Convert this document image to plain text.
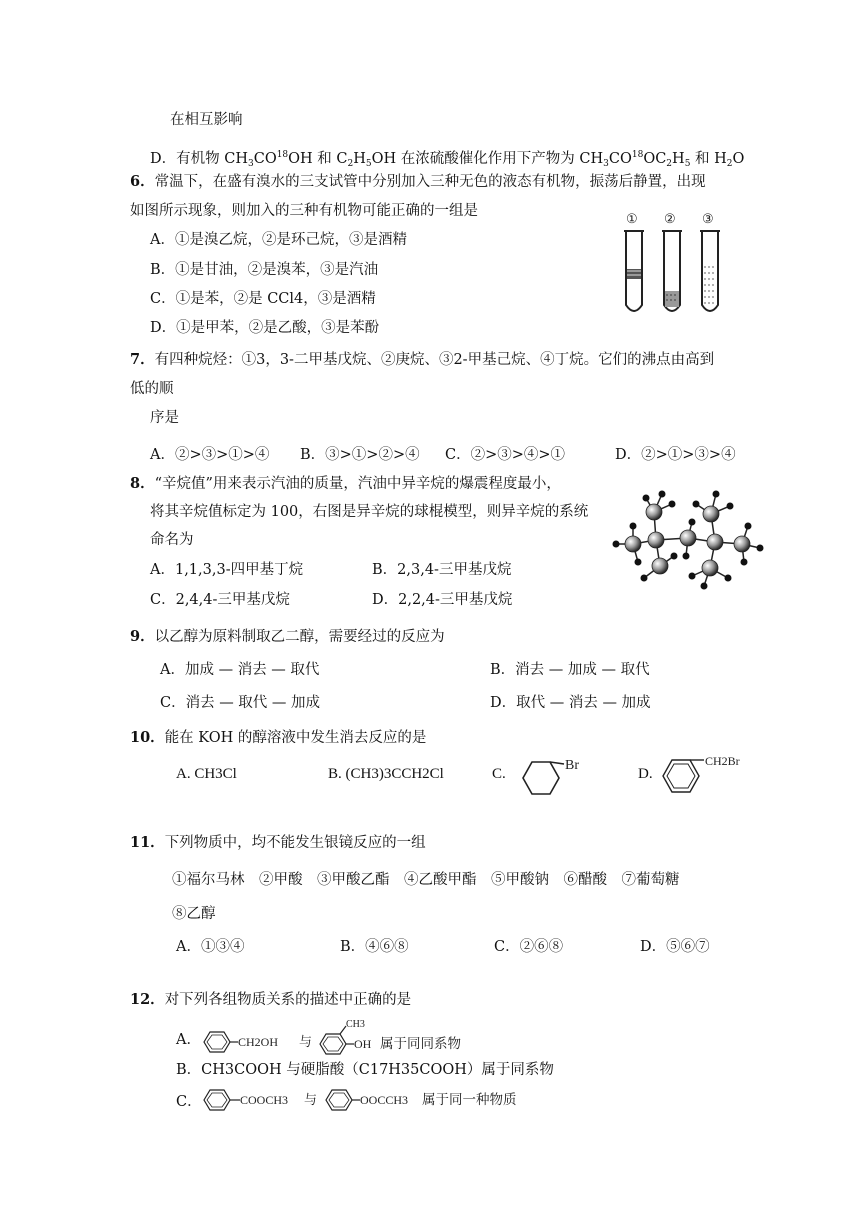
在相互影响
D．有机物 $CH_3CO^{18}OH$ 和 $C_2H_5OH$ 在浓硫酸催化作用下产物为 $CH_3CO^{18}OC_2H_5$ 和 $H_2O$
6．常温下，在盛有溴水的三支试管中分别加入三种无色的液态有机物，振荡后静置，出现
如图所示现象，则加入的三种有机物可能正确的一组是
A．①是溴乙烷，②是环己烷，③是酒精
B．①是甘油，②是溴苯，③是汽油
C．①是苯，②是 CCl4，③是酒精
D．①是甲苯，②是乙酸，③是苯酚
① ② ③
7．有四种烷烃：①3，3-二甲基戊烷、②庚烷、③2-甲基己烷、④丁烷。它们的沸点由高到
低的顺
序是
A．②>③>①>④ B．③>①>②>④ C．②>③>④>①	D．②>①>③>④
8．“辛烷值”用来表示汽油的质量，汽油中异辛烷的爆震程度最小，
将其辛烷值标定为 100，右图是异辛烷的球棍模型，则异辛烷的系统
命名为
A．1,1,3,3-四甲基丁烷	B．2,3,4-三甲基戊烷
C．2,4,4-三甲基戊烷	D．2,2,4-三甲基戊烷
9．以乙醇为原料制取乙二醇，需要经过的反应为
A．加成 — 消去 — 取代	B．消去 — 加成 — 取代
C．消去 — 取代 — 加成	D．取代 — 消去 — 加成
10．能在 KOH 的醇溶液中发生消去反应的是
A. CH3Cl	B. (CH3)3CCH2Cl	C.
Br
D.
CH2Br
11．下列物质中，均不能发生银镜反应的一组
①福尔马林　②甲酸　③甲酸乙酯　④乙酸甲酯　⑤甲酸钠　⑥醋酸　⑦葡萄糖
⑧乙醇
A．①③④	B．④⑥⑧	C．②⑥⑧	D．⑤⑥⑦
12．对下列各组物质关系的描述中正确的是
A．	CH2OH 与
CH3
OH 属于同同系物
B．CH3COOH 与硬脂酸（C17H35COOH）属于同系物
C．	COOCH3 与	OOCCH3 属于同一种物质
